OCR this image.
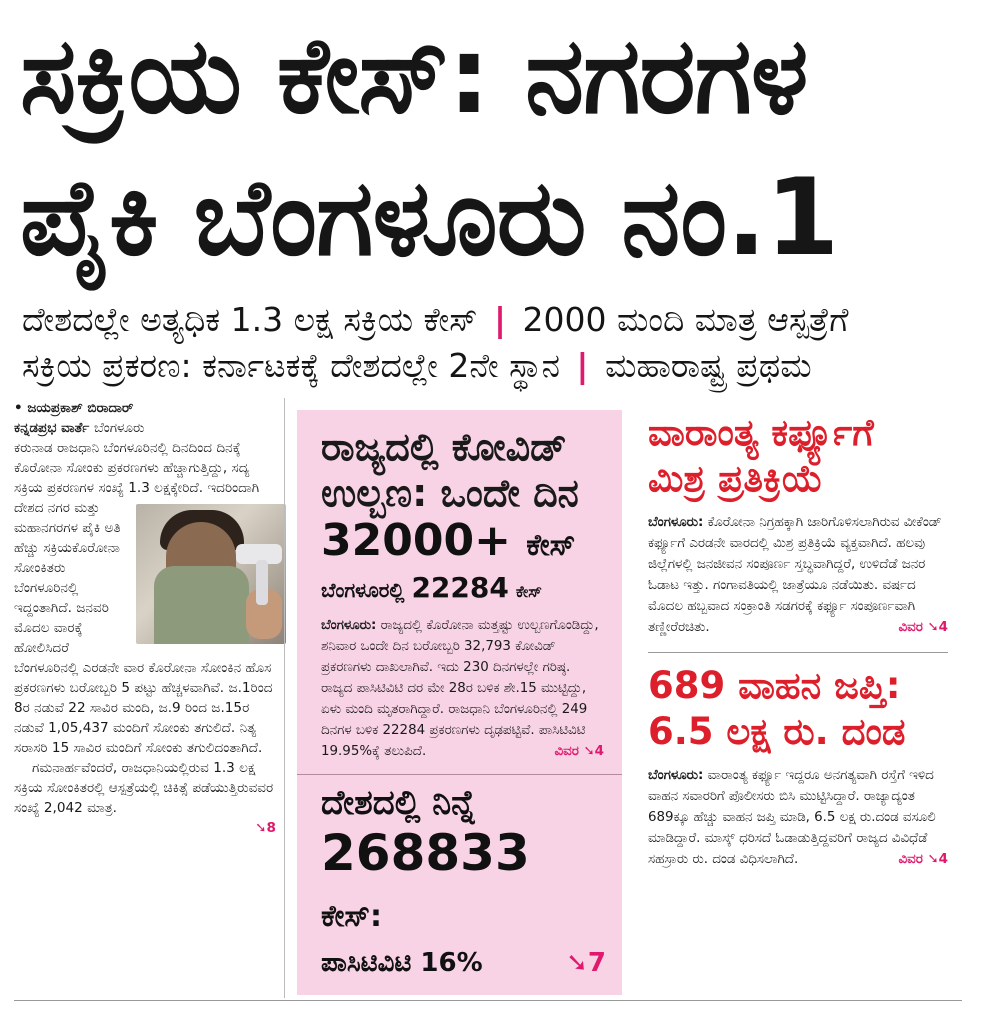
ಸಕ್ರಿಯ ಕೇಸ್‌: ನಗರಗಳ
ಪೈಕಿ ಬೆಂಗಳೂರು ನಂ.1
ದೇಶದಲ್ಲೇ ಅತ್ಯಧಿಕ 1.3 ಲಕ್ಷ ಸಕ್ರಿಯ ಕೇಸ್‌ | 2000 ಮಂದಿ ಮಾತ್ರ ಆಸ್ಪತ್ರೆಗೆ
ಸಕ್ರಿಯ ಪ್ರಕರಣ: ಕರ್ನಾಟಕಕ್ಕೆ ದೇಶದಲ್ಲೇ 2ನೇ ಸ್ಥಾನ | ಮಹಾರಾಷ್ಟ್ರ ಪ್ರಥಮ
• ಜಯಪ್ರಕಾಶ್‌ ಬಿರಾದಾರ್‌
ಕನ್ನಡಪ್ರಭ ವಾರ್ತೆ ಬೆಂಗಳೂರು
ಕರುನಾಡ ರಾಜಧಾನಿ ಬೆಂಗಳೂರಿನಲ್ಲಿ ದಿನದಿಂದ ದಿನಕ್ಕೆ ಕೊರೋನಾ ಸೋಂಕು ಪ್ರಕರಣಗಳು ಹೆಚ್ಚಾಗುತ್ತಿದ್ದು, ಸದ್ಯ ಸಕ್ರಿಯ ಪ್ರಕರಣಗಳ ಸಂಖ್ಯೆ 1.3 ಲಕ್ಷಕ್ಕೇರಿದೆ. ಇದರಿಂದಾಗಿ ದೇಶದ ನಗರ ಮತ್ತು ಮಹಾನಗರಗಳ ಪೈಕಿ ಅತಿ ಹೆಚ್ಚು ಸಕ್ರಿಯಕೊರೋನಾ ಸೋಂಕಿತರು ಬೆಂಗಳೂರಿನಲ್ಲಿ ಇದ್ದಂತಾಗಿದೆ. ಜನವರಿ ಮೊದಲ ವಾರಕ್ಕೆ ಹೋಲಿಸಿದರೆ ಬೆಂಗಳೂರಿನಲ್ಲಿ ಎರಡನೇ ವಾರ ಕೊರೋನಾ ಸೋಂಕಿನ ಹೊಸ ಪ್ರಕರಣಗಳು ಬರೋಬ್ಬರಿ 5 ಪಟ್ಟು ಹೆಚ್ಚಳವಾಗಿವೆ. ಜ.1ರಿಂದ 8ರ ನಡುವೆ 22 ಸಾವಿರ ಮಂದಿ, ಜ.9 ರಿಂದ ಜ.15ರ ನಡುವೆ 1,05,437 ಮಂದಿಗೆ ಸೋಂಕು ತಗುಲಿದೆ. ನಿತ್ಯ ಸರಾಸರಿ 15 ಸಾವಿರ ಮಂದಿಗೆ ಸೋಂಕು ತಗುಲಿದಂತಾಗಿದೆ.
ಗಮನಾರ್ಹವೆಂದರೆ, ರಾಜಧಾನಿಯಲ್ಲಿರುವ 1.3 ಲಕ್ಷ ಸಕ್ರಿಯ ಸೋಂಕಿತರಲ್ಲಿ ಆಸ್ಪತ್ರೆಯಲ್ಲಿ ಚಿಕಿತ್ಸೆ ಪಡೆಯುತ್ತಿರುವವರ ಸಂಖ್ಯೆ 2,042 ಮಾತ್ರ.
➘8
ರಾಜ್ಯದಲ್ಲಿ ಕೋವಿಡ್‌
ಉಲ್ಬಣ: ಒಂದೇ ದಿನ
32000+ ಕೇಸ್‌
ಬೆಂಗಳೂರಲ್ಲಿ 22284 ಕೇಸ್‌
ಬೆಂಗಳೂರು: ರಾಜ್ಯದಲ್ಲಿ ಕೊರೋನಾ ಮತ್ತಷ್ಟು ಉಲ್ಬಣಗೊಂಡಿದ್ದು, ಶನಿವಾರ ಒಂದೇ ದಿನ ಬರೋಬ್ಬರಿ 32,793 ಕೋವಿಡ್‌ ಪ್ರಕರಣಗಳು ದಾಖಲಾಗಿವೆ. ಇದು 230 ದಿನಗಳಲ್ಲೇ ಗರಿಷ್ಠ. ರಾಜ್ಯದ ಪಾಸಿಟಿವಿಟಿ ದರ ಮೇ 28ರ ಬಳಿಕ ಶೇ.15 ಮುಟ್ಟಿದ್ದು, ಏಳು ಮಂದಿ ಮೃತರಾಗಿದ್ದಾರೆ. ರಾಜಧಾನಿ ಬೆಂಗಳೂರಿನಲ್ಲಿ 249 ದಿನಗಳ ಬಳಿಕ 22284 ಪ್ರಕರಣಗಳು ದೃಢಪಟ್ಟಿವೆ. ಪಾಸಿಟಿವಿಟಿ 19.95%ಕ್ಕೆ ತಲುಪಿದೆ.	ವಿವರ ➘4
ದೇಶದಲ್ಲಿ ನಿನ್ನೆ
268833 ಕೇಸ್‌:
ಪಾಸಿಟಿವಿಟಿ 16%	➘7
ವಾರಾಂತ್ಯ ಕರ್ಫ್ಯೂಗೆ
ಮಿಶ್ರ ಪ್ರತಿಕ್ರಿಯೆ
ಬೆಂಗಳೂರು: ಕೊರೋನಾ ನಿಗ್ರಹಕ್ಕಾಗಿ ಜಾರಿಗೊಳಿಸಲಾಗಿರುವ ವೀಕೆಂಡ್‌ ಕರ್ಫ್ಯೂಗೆ ಎರಡನೇ ವಾರದಲ್ಲಿ ಮಿಶ್ರ ಪ್ರತಿಕ್ರಿಯೆ ವ್ಯಕ್ತವಾಗಿದೆ. ಹಲವು ಜಿಲ್ಲೆಗಳಲ್ಲಿ ಜನಜೀವನ ಸಂಪೂರ್ಣ ಸ್ತಬ್ಧವಾಗಿದ್ದರೆ, ಉಳಿದೆಡೆ ಜನರ ಓಡಾಟ ಇತ್ತು. ಗಂಗಾವತಿಯಲ್ಲಿ ಜಾತ್ರೆಯೂ ನಡೆಯಿತು. ವರ್ಷದ ಮೊದಲ ಹಬ್ಬವಾದ ಸಂಕ್ರಾಂತಿ ಸಡಗರಕ್ಕೆ ಕರ್ಫ್ಯೂ ಸಂಪೂರ್ಣವಾಗಿ ತಣ್ಣೀರೆರಚಿತು.	ವಿವರ ➘4
689 ವಾಹನ ಜಪ್ತಿ:
6.5 ಲಕ್ಷ ರು. ದಂಡ
ಬೆಂಗಳೂರು: ವಾರಾಂತ್ಯ ಕರ್ಫ್ಯೂ ಇದ್ದರೂ ಅನಗತ್ಯವಾಗಿ ರಸ್ತೆಗೆ ಇಳಿದ ವಾಹನ ಸವಾರರಿಗೆ ಪೊಲೀಸರು ಬಿಸಿ ಮುಟ್ಟಿಸಿದ್ದಾರೆ. ರಾಜ್ಯಾದ್ಯಂತ 689ಕ್ಕೂ ಹೆಚ್ಚು ವಾಹನ ಜಪ್ತಿ ಮಾಡಿ, 6.5 ಲಕ್ಷ ರು.ದಂಡ ವಸೂಲಿ ಮಾಡಿದ್ದಾರೆ. ಮಾಸ್ಕ್‌ ಧರಿಸದೆ ಓಡಾಡುತ್ತಿದ್ದವರಿಗೆ ರಾಜ್ಯದ ವಿವಿಧೆಡೆ ಸಹಸ್ರಾರು ರು. ದಂಡ ವಿಧಿಸಲಾಗಿದೆ.	ವಿವರ ➘4
